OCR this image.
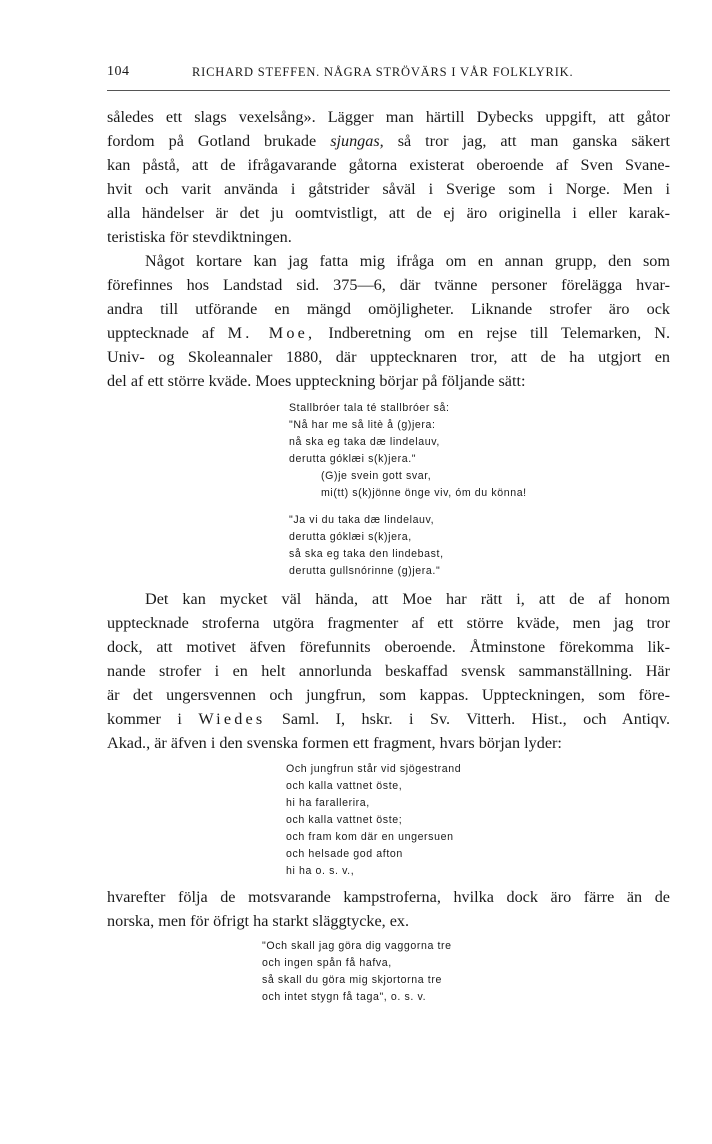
104	RICHARD STEFFEN. NÅGRA STRÖVÄRS I VÅR FOLKLYRIK.

således ett slags vexelsång». Lägger man härtill Dybecks uppgift, att gåtor

fordom på Gotland brukade sjungas, så tror jag, att man ganska säkert

kan påstå, att de ifrågavarande gåtorna existerat oberoende af Sven Svane-

hvit och varit använda i gåtstrider såväl i Sverige som i Norge. Men i

alla händelser är det ju oomtvistligt, att de ej äro originella i eller karak-

teristiska för stevdiktningen.

Något kortare kan jag fatta mig ifråga om en annan grupp, den som

förefinnes hos Landstad sid. 375—6, där tvänne personer förelägga hvar-

andra till utförande en mängd omöjligheter. Liknande strofer äro ock

upptecknade af M. Moe, Indberetning om en rejse till Telemarken, N.

Univ- og Skoleannaler 1880, där upptecknaren tror, att de ha utgjort en

del af ett större kväde. Moes uppteckning börjar på följande sätt:

Stallbróer tala té stallbróer så:

"Nå har me så litè å (g)jera:

nå ska eg taka dæ lindelauv,

derutta góklæi s(k)jera."

(G)je svein gott svar,

mi(tt) s(k)jönne önge viv, óm du könna!

"Ja vi du taka dæ lindelauv,

derutta góklæi s(k)jera,

så ska eg taka den lindebast,

derutta gullsnórinne (g)jera."

Det kan mycket väl hända, att Moe har rätt i, att de af honom

upptecknade stroferna utgöra fragmenter af ett större kväde, men jag tror

dock, att motivet äfven förefunnits oberoende. Åtminstone förekomma lik-

nande strofer i en helt annorlunda beskaffad svensk sammanställning. Här

är det ungersvennen och jungfrun, som kappas. Uppteckningen, som före-

kommer i Wiedes Saml. I, hskr. i Sv. Vitterh. Hist., och Antiqv.

Akad., är äfven i den svenska formen ett fragment, hvars början lyder:

Och jungfrun står vid sjögestrand

och kalla vattnet öste,

hi ha farallerira,

och kalla vattnet öste;

och fram kom där en ungersuen

och helsade god afton

hi ha o. s. v.,

hvarefter följa de motsvarande kampstroferna, hvilka dock äro färre än de

norska, men för öfrigt ha starkt släggtycke, ex.

"Och skall jag göra dig vaggorna tre

och ingen spån få hafva,

så skall du göra mig skjortorna tre

och intet stygn få taga", o. s. v.
